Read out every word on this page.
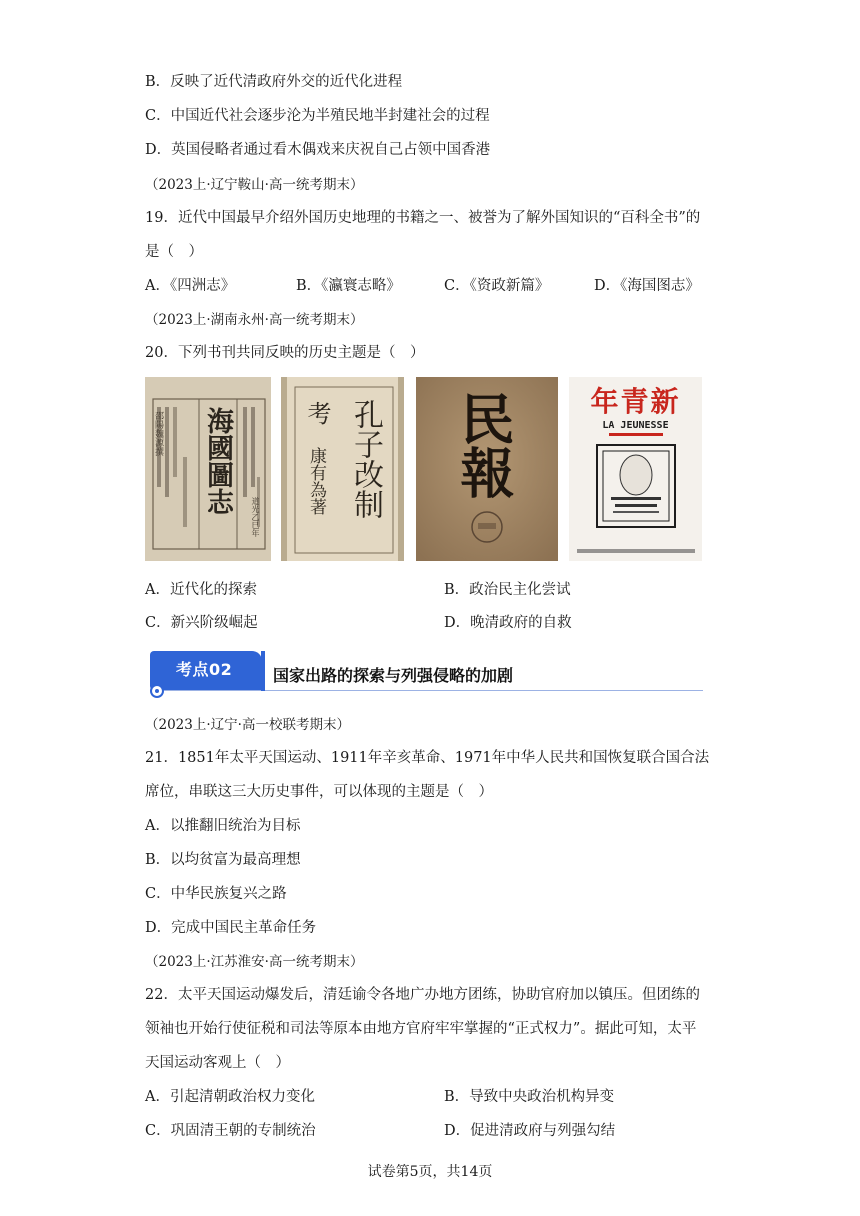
B．反映了近代清政府外交的近代化进程
C．中国近代社会逐步沦为半殖民地半封建社会的过程
D．英国侵略者通过看木偶戏来庆祝自己占领中国香港
（2023上·辽宁鞍山·高一统考期末）
19．近代中国最早介绍外国历史地理的书籍之一、被誉为了解外国知识的“百科全书”的
是（　）
A．《四洲志》	B．《瀛寰志略》	C．《资政新篇》	D．《海国图志》
（2023上·湖南永州·高一统考期末）
20．下列书刊共同反映的历史主题是（　）
海國圖志
邵陽魏源撰
道光乙巳年	孔子改制
考
康有為著 民報	新青年
LA JEUNESSE
A．近代化的探索	B．政治民主化尝试
C．新兴阶级崛起	D．晚清政府的自救
考点02	国家出路的探索与列强侵略的加剧
（2023上·辽宁·高一校联考期末）
21．1851年太平天国运动、1911年辛亥革命、1971年中华人民共和国恢复联合国合法
席位，串联这三大历史事件，可以体现的主题是（　）
A．以推翻旧统治为目标
B．以均贫富为最高理想
C．中华民族复兴之路
D．完成中国民主革命任务
（2023上·江苏淮安·高一统考期末）
22．太平天国运动爆发后，清廷谕令各地广办地方团练，协助官府加以镇压。但团练的
领袖也开始行使征税和司法等原本由地方官府牢牢掌握的“正式权力”。据此可知，太平
天国运动客观上（　）
A．引起清朝政治权力变化	B．导致中央政治机构异变
C．巩固清王朝的专制统治	D．促进清政府与列强勾结
试卷第5页，共14页
